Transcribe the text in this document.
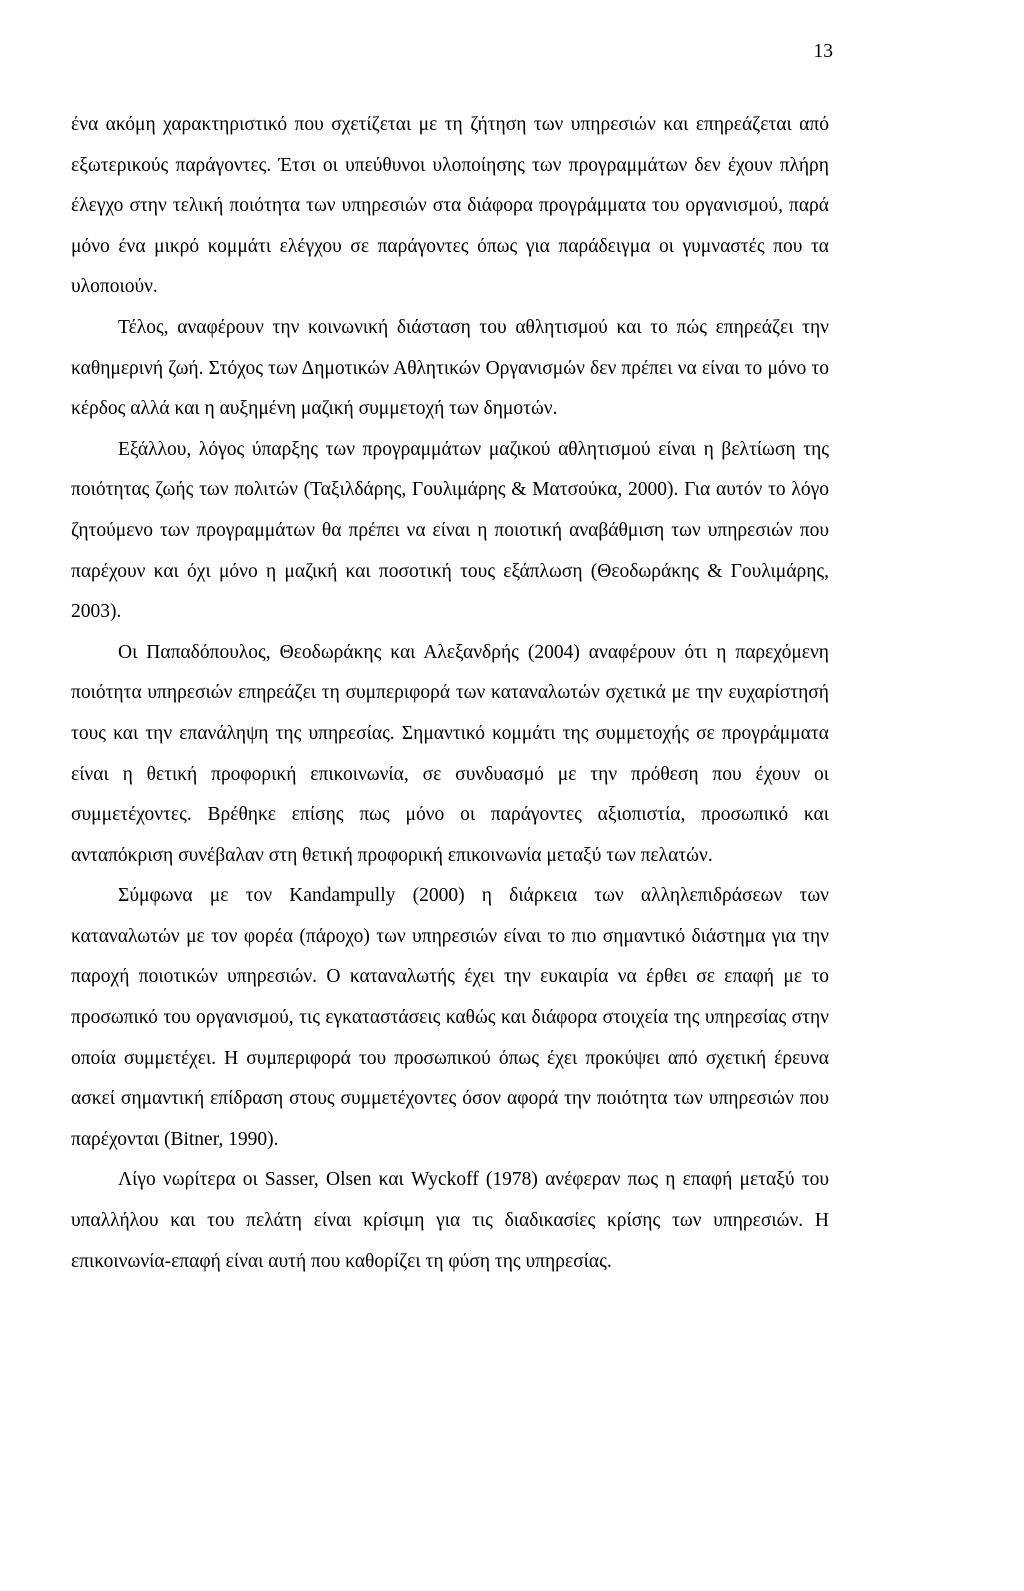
13

ένα ακόμη χαρακτηριστικό που σχετίζεται με τη ζήτηση των υπηρεσιών και επηρεάζεται από εξωτερικούς παράγοντες. Έτσι οι υπεύθυνοι υλοποίησης των προγραμμάτων δεν έχουν πλήρη έλεγχο στην τελική ποιότητα των υπηρεσιών στα διάφορα προγράμματα του οργανισμού, παρά μόνο ένα μικρό κομμάτι ελέγχου σε παράγοντες όπως για παράδειγμα οι γυμναστές που τα υλοποιούν.

Τέλος, αναφέρουν την κοινωνική διάσταση του αθλητισμού και το πώς επηρεάζει την καθημερινή ζωή. Στόχος των Δημοτικών Αθλητικών Οργανισμών δεν πρέπει να είναι το μόνο το κέρδος αλλά και η αυξημένη μαζική συμμετοχή των δημοτών.

Εξάλλου, λόγος ύπαρξης των προγραμμάτων μαζικού αθλητισμού είναι η βελτίωση της ποιότητας ζωής των πολιτών (Ταξιλδάρης, Γουλιμάρης & Ματσούκα, 2000). Για αυτόν το λόγο ζητούμενο των προγραμμάτων θα πρέπει να είναι η ποιοτική αναβάθμιση των υπηρεσιών που παρέχουν και όχι μόνο η μαζική και ποσοτική τους εξάπλωση (Θεοδωράκης & Γουλιμάρης, 2003).

Οι Παπαδόπουλος, Θεοδωράκης και Αλεξανδρής (2004) αναφέρουν ότι η παρεχόμενη ποιότητα υπηρεσιών επηρεάζει τη συμπεριφορά των καταναλωτών σχετικά με την ευχαρίστησή τους και την επανάληψη της υπηρεσίας. Σημαντικό κομμάτι της συμμετοχής σε προγράμματα είναι η θετική προφορική επικοινωνία, σε συνδυασμό με την πρόθεση που έχουν οι συμμετέχοντες. Βρέθηκε επίσης πως μόνο οι παράγοντες αξιοπιστία, προσωπικό και ανταπόκριση συνέβαλαν στη θετική προφορική επικοινωνία μεταξύ των πελατών.

Σύμφωνα με τον Kandampully (2000) η διάρκεια των αλληλεπιδράσεων των καταναλωτών με τον φορέα (πάροχο) των υπηρεσιών είναι το πιο σημαντικό διάστημα για την παροχή ποιοτικών υπηρεσιών. Ο καταναλωτής έχει την ευκαιρία να έρθει σε επαφή με το προσωπικό του οργανισμού, τις εγκαταστάσεις καθώς και διάφορα στοιχεία της υπηρεσίας στην οποία συμμετέχει. Η συμπεριφορά του προσωπικού όπως έχει προκύψει από σχετική έρευνα ασκεί σημαντική επίδραση στους συμμετέχοντες όσον αφορά την ποιότητα των υπηρεσιών που παρέχονται (Bitner, 1990).

Λίγο νωρίτερα οι Sasser, Olsen και Wyckoff (1978) ανέφεραν πως η επαφή μεταξύ του υπαλλήλου και του πελάτη είναι κρίσιμη για τις διαδικασίες κρίσης των υπηρεσιών. Η επικοινωνία-επαφή είναι αυτή που καθορίζει τη φύση της υπηρεσίας.
